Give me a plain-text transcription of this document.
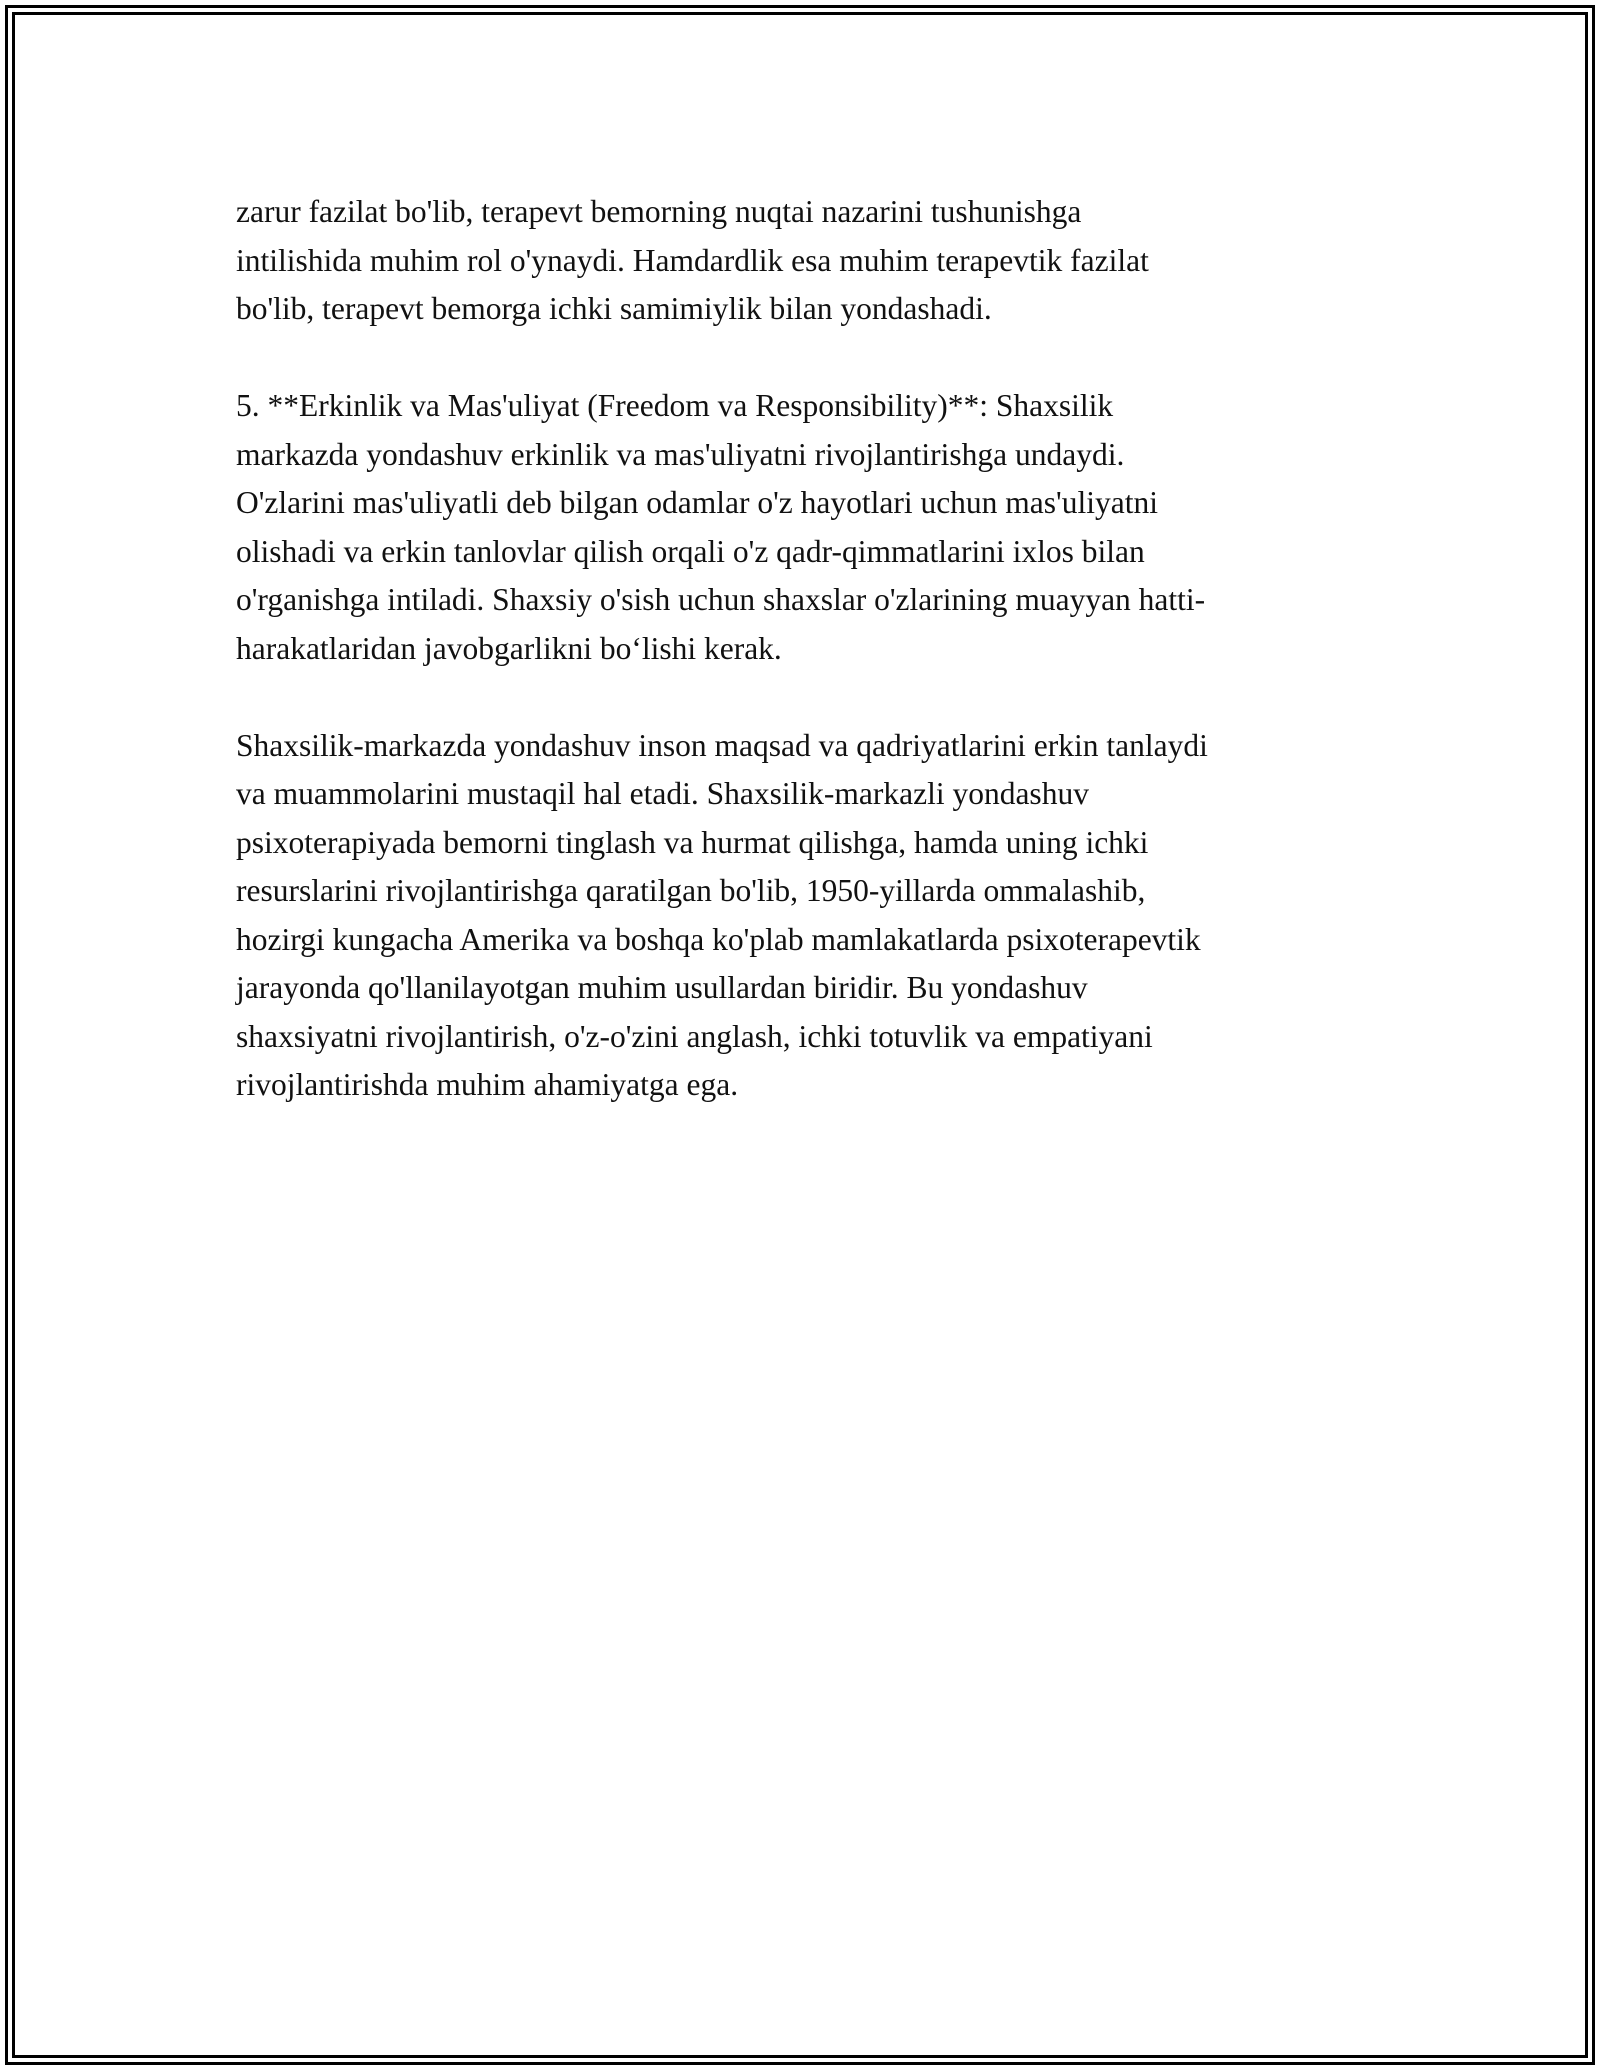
zarur fazilat bo'lib, terapevt bemorning nuqtai nazarini tushunishga
intilishida muhim rol o'ynaydi. Hamdardlik esa muhim terapevtik fazilat
bo'lib, terapevt bemorga ichki samimiylik bilan yondashadi.

5. **Erkinlik va Mas'uliyat (Freedom va Responsibility)**: Shaxsilik
markazda yondashuv erkinlik va mas'uliyatni rivojlantirishga undaydi.
O'zlarini mas'uliyatli deb bilgan odamlar o'z hayotlari uchun mas'uliyatni
olishadi va erkin tanlovlar qilish orqali o'z qadr-qimmatlarini ixlos bilan
o'rganishga intiladi. Shaxsiy o'sish uchun shaxslar o'zlarining muayyan hatti-
harakatlaridan javobgarlikni bo‘lishi kerak.

Shaxsilik-markazda yondashuv inson maqsad va qadriyatlarini erkin tanlaydi
va muammolarini mustaqil hal etadi. Shaxsilik-markazli yondashuv
psixoterapiyada bemorni tinglash va hurmat qilishga, hamda uning ichki
resurslarini rivojlantirishga qaratilgan bo'lib, 1950-yillarda ommalashib,
hozirgi kungacha Amerika va boshqa ko'plab mamlakatlarda psixoterapevtik
jarayonda qo'llanilayotgan muhim usullardan biridir. Bu yondashuv
shaxsiyatni rivojlantirish, o'z-o'zini anglash, ichki totuvlik va empatiyani
rivojlantirishda muhim ahamiyatga ega.
